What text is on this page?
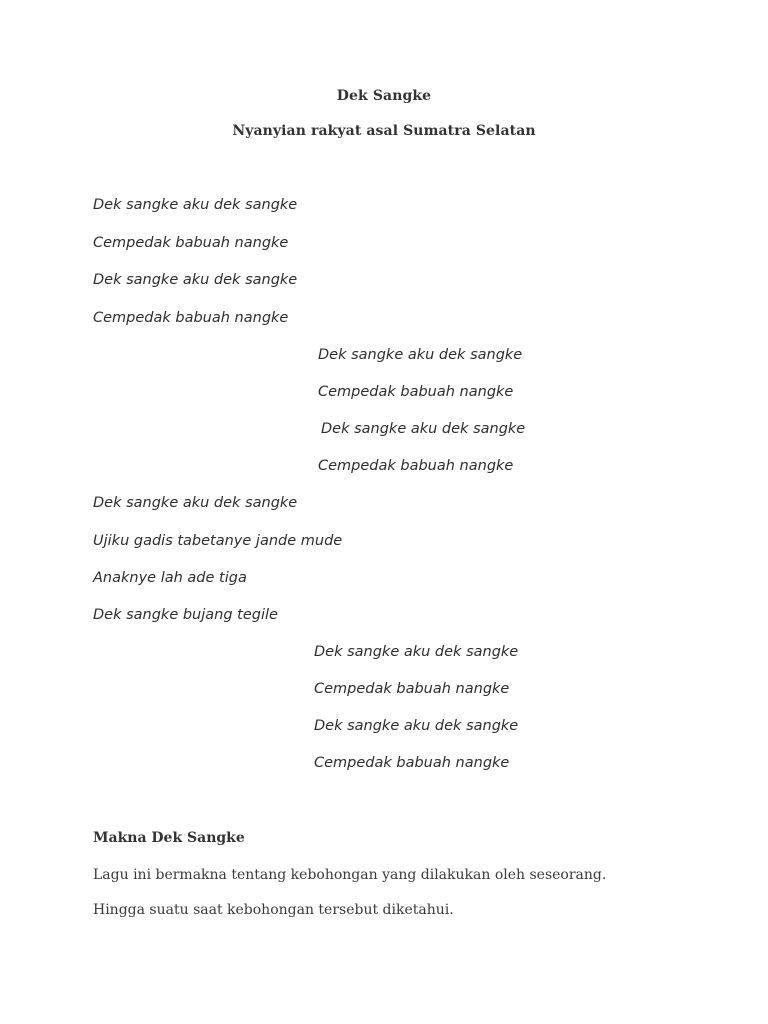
Dek Sangke
Nyanyian rakyat asal Sumatra Selatan
Dek sangke aku dek sangke
Cempedak babuah nangke
Dek sangke aku dek sangke
Cempedak babuah nangke
Dek sangke aku dek sangke
Cempedak babuah nangke
Dek sangke aku dek sangke
Cempedak babuah nangke
Dek sangke aku dek sangke
Ujiku gadis tabetanye jande mude
Anaknye lah ade tiga
Dek sangke bujang tegile
Dek sangke aku dek sangke
Cempedak babuah nangke
Dek sangke aku dek sangke
Cempedak babuah nangke
Makna Dek Sangke
Lagu ini bermakna tentang kebohongan yang dilakukan oleh seseorang.
Hingga suatu saat kebohongan tersebut diketahui.
